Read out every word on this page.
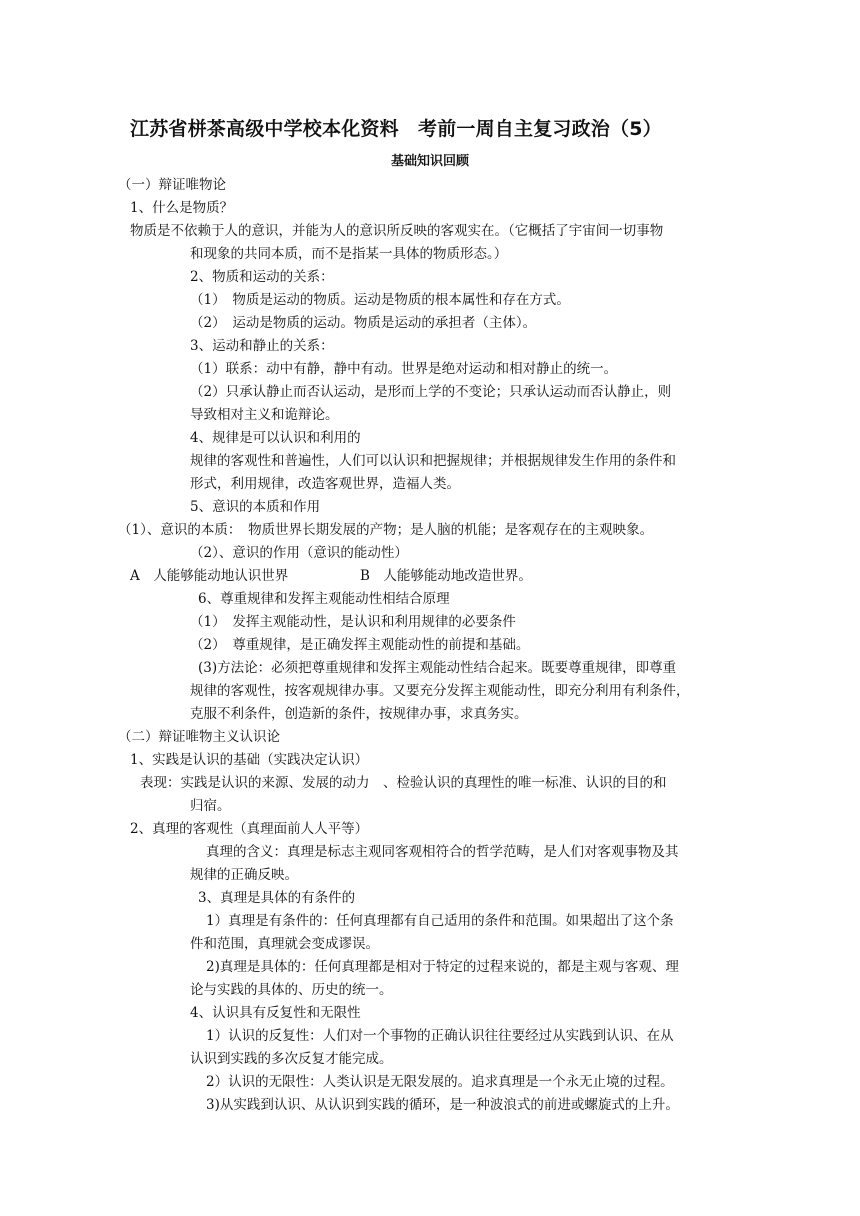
江苏省栟茶高级中学校本化资料　考前一周自主复习政治（5）
基础知识回顾
（一）辩证唯物论
1、什么是物质？
物质是不依赖于人的意识，并能为人的意识所反映的客观实在。（它概括了宇宙间一切事物
和现象的共同本质，而不是指某一具体的物质形态。）
2、物质和运动的关系：
（1）　物质是运动的物质。运动是物质的根本属性和存在方式。
（2）　运动是物质的运动。物质是运动的承担者（主体）。
3、运动和静止的关系：
（1）联系：动中有静，静中有动。世界是绝对运动和相对静止的统一。
（2）只承认静止而否认运动，是形而上学的不变论；只承认运动而否认静止，则
导致相对主义和诡辩论。
4、规律是可以认识和利用的
规律的客观性和普遍性，人们可以认识和把握规律；并根据规律发生作用的条件和
形式，利用规律，改造客观世界，造福人类。
5、意识的本质和作用
（1）、意识的本质：　物质世界长期发展的产物；是人脑的机能；是客观存在的主观映象。
（2）、意识的作用（意识的能动性）
A　人能够能动地认识世界	B　人能够能动地改造世界。
6、尊重规律和发挥主观能动性相结合原理
（1）　发挥主观能动性，是认识和利用规律的必要条件
（2）　尊重规律，是正确发挥主观能动性的前提和基础。
(3)方法论：必须把尊重规律和发挥主观能动性结合起来。既要尊重规律，即尊重
规律的客观性，按客观规律办事。又要充分发挥主观能动性，即充分利用有利条件，
克服不利条件，创造新的条件，按规律办事，求真务实。
（二）辩证唯物主义认识论
1、实践是认识的基础（实践决定认识）
表现：实践是认识的来源、发展的动力　、检验认识的真理性的唯一标准、认识的目的和
归宿。
2、真理的客观性（真理面前人人平等）
真理的含义：真理是标志主观同客观相符合的哲学范畴，是人们对客观事物及其
规律的正确反映。
3、真理是具体的有条件的
1）真理是有条件的：任何真理都有自己适用的条件和范围。如果超出了这个条
件和范围，真理就会变成谬误。
2)真理是具体的：任何真理都是相对于特定的过程来说的，都是主观与客观、理
论与实践的具体的、历史的统一。
4、认识具有反复性和无限性
1）认识的反复性：人们对一个事物的正确认识往往要经过从实践到认识、在从
认识到实践的多次反复才能完成。
2）认识的无限性：人类认识是无限发展的。追求真理是一个永无止境的过程。
3)从实践到认识、从认识到实践的循环，是一种波浪式的前进或螺旋式的上升。
